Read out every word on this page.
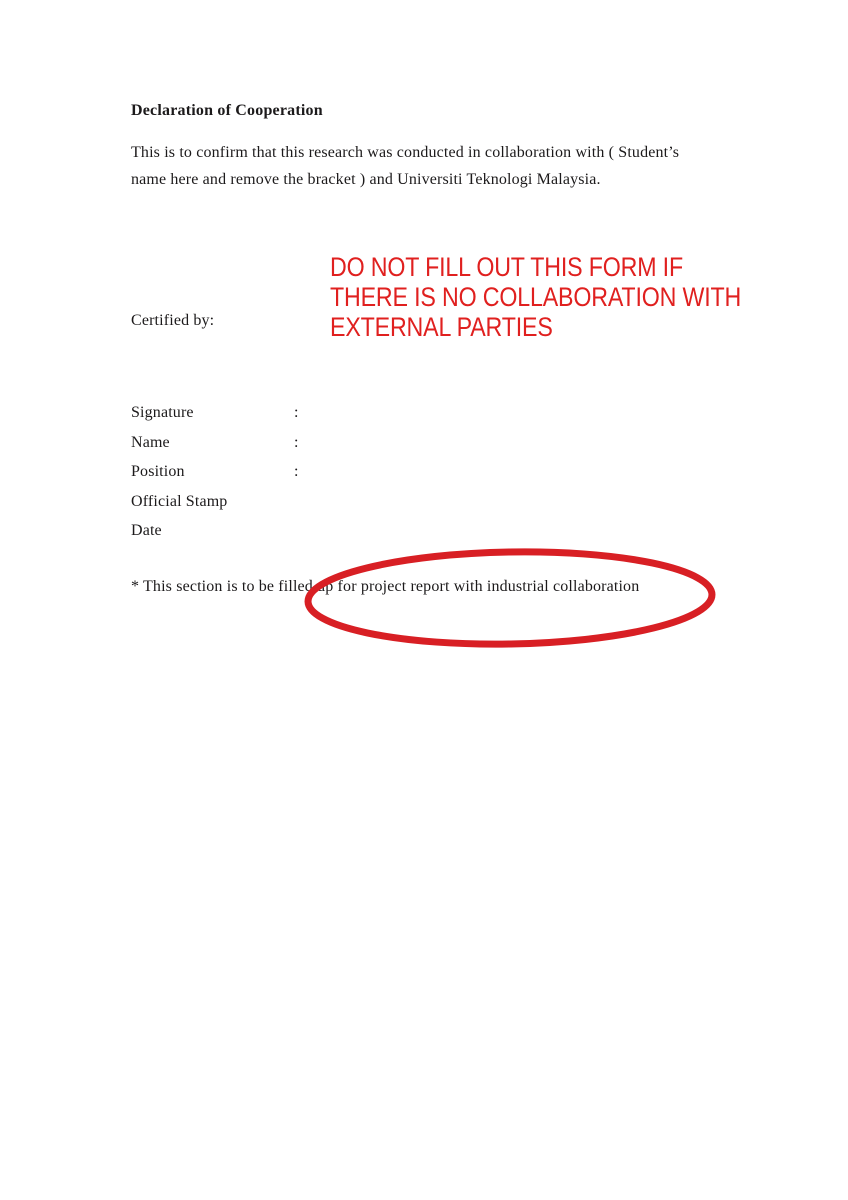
Declaration of Cooperation
This is to confirm that this research was conducted in collaboration with ( Student’s
name here and remove the bracket ) and Universiti Teknologi Malaysia.
DO NOT FILL OUT THIS FORM IF
THERE IS NO COLLABORATION WITH
EXTERNAL PARTIES
Certified by:
Signature	:
Name	:
Position	:
Official Stamp
Date
* This section is to be filled up for project report with industrial collaboration
